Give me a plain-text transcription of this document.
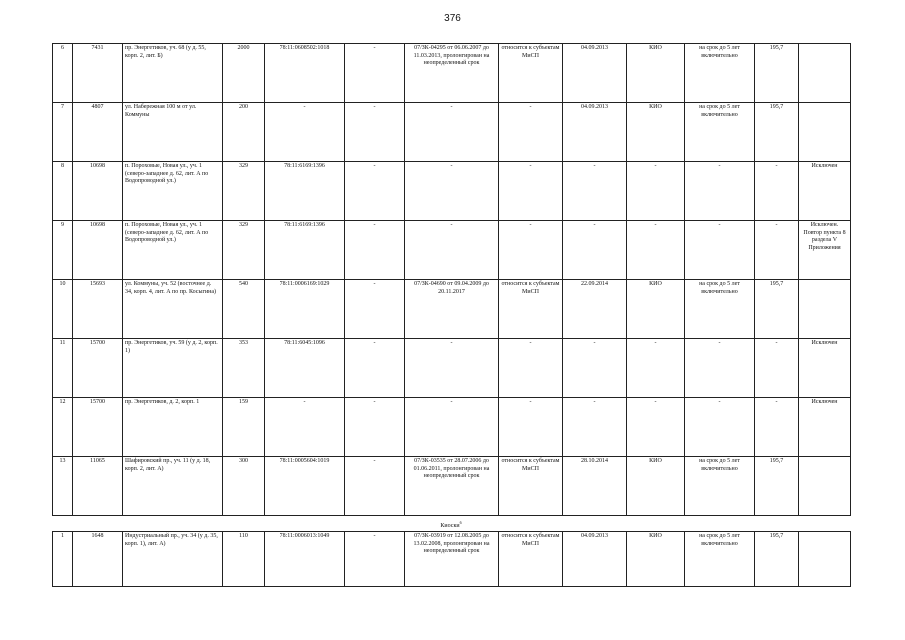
376
6	7431	пр. Энергетиков, уч. 68 (у д. 55, корп. 2, лит. Б)	2000	78:11:0608502:1018	-	07/ЗК-04295 от 06.06.2007 до 11.03.2013, пролонгирован на неопределенный срок	относится к субъектам МиСП	04.09.2013	КИО	на срок до 5 лет включительно	195,7	
7	4807	ул. Набережная 100 м от ул. Коммуны	200	-	-	-	-	04.09.2013	КИО	на срок до 5 лет включительно	195,7	
8	10698	п. Пороховые, Новая ул., уч. 1 (северо-западнее д. 62, лит. А по Водопроводной ул.)	329	78:11:6169:1396	-	-	-	-	-	-	-	Исключен
9	10698	п. Пороховые, Новая ул., уч. 1 (северо-западнее д. 62, лит. А по Водопроводной ул.)	329	78:11:6169:1396	-	-	-	-	-	-	-	Исключен. Повтор пункта 8 раздела V Приложения
10	15693	ул. Коммуны, уч. 52 (восточнее д. 34, корп. 4, лит. А по пр. Косыгина)	540	78:11:0006169:1029	-	07/ЗК-04690 от 09.04.2009 до 20.11.2017	относится к субъектам МиСП	22.09.2014	КИО	на срок до 5 лет включительно	195,7	
11	15700	пр. Энергетиков, уч. 59 (у д. 2, корп. 1)	353	78:11:6045:1096	-	-	-	-	-	-	-	Исключен
12	15700	пр. Энергетиков, д. 2, корп. 1	159	-	-	-	-	-	-	-	-	Исключен
13	11065	Шафировский пр., уч. 11 (у д. 18, корп. 2, лит. А)	300	78:11:0005604:1019	-	07/ЗК-03535 от 28.07.2006 до 01.06.2011, пролонгирован на неопределенный срок	относится к субъектам МиСП	28.10.2014	КИО	на срок до 5 лет включительно	195,7	
Киоски$^6$
1	1648	Индустриальный пр., уч. 34 (у д. 35, корп. 1), лит. А)	110	78:11:0006013:1049	-	07/ЗК-03919 от 12.08.2005 до 13.02.2008, пролонгирован на неопределенный срок	относится к субъектам МиСП	04.09.2013	КИО	на срок до 5 лет включительно	195,7	
